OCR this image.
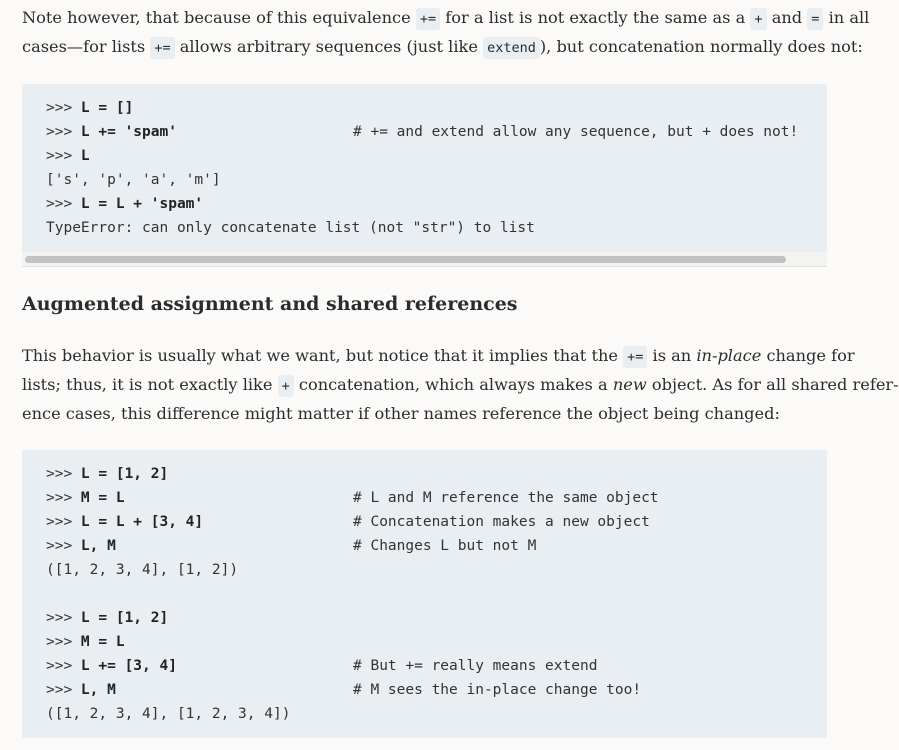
Note however, that because of this equivalence += for a list is not exactly the same as a + and = in all
cases—for lists += allows arbitrary sequences (just like extend ), but concatenation normally does not:

>>> L = []
>>> L += 'spam'	# += and extend allow any sequence, but + does not!
>>> L
['s', 'p', 'a', 'm']
>>> L = L + 'spam'
TypeError: can only concatenate list (not "str") to list
Augmented assignment and shared references

This behavior is usually what we want, but notice that it implies that the += is an in-place change for
lists; thus, it is not exactly like + concatenation, which always makes a new object. As for all shared refer-
ence cases, this difference might matter if other names reference the object being changed:

>>> L = [1, 2]
>>> M = L	# L and M reference the same object
>>> L = L + [3, 4]	# Concatenation makes a new object
>>> L, M	# Changes L but not M
([1, 2, 3, 4], [1, 2])
>>> L = [1, 2]
>>> M = L
>>> L += [3, 4]	# But += really means extend
>>> L, M	# M sees the in-place change too!
([1, 2, 3, 4], [1, 2, 3, 4])
